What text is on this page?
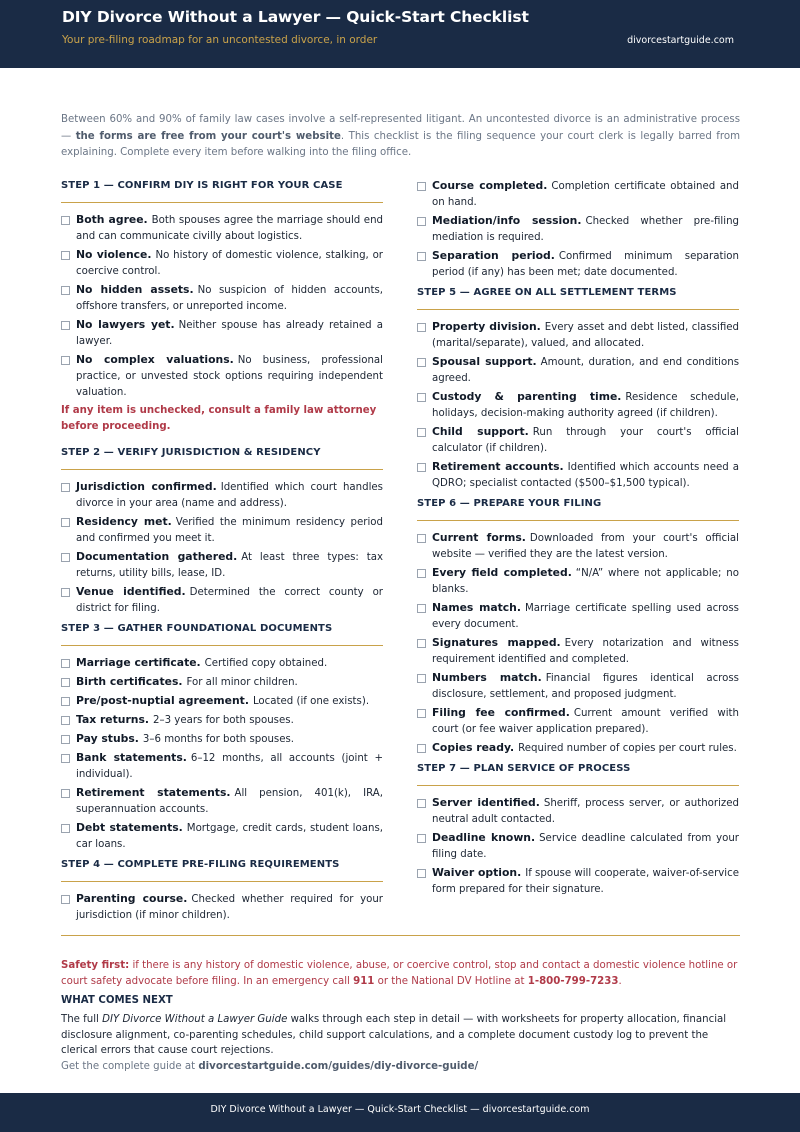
DIY Divorce Without a Lawyer — Quick-Start Checklist
Your pre-filing roadmap for an uncontested divorce, in order	divorcestartguide.com

Between 60% and 90% of family law cases involve a self-represented litigant. An uncontested divorce is an administrative process — the forms are free from your court's website. This checklist is the filing sequence your court clerk is legally barred from explaining. Complete every item before walking into the filing office.

STEP 1 — CONFIRM DIY IS RIGHT FOR YOUR CASE
Both agree. Both spouses agree the marriage should end and can communicate civilly about logistics.
No violence. No history of domestic violence, stalking, or coercive control.
No hidden assets. No suspicion of hidden accounts, offshore transfers, or unreported income.
No lawyers yet. Neither spouse has already retained a lawyer.
No complex valuations. No business, professional practice, or unvested stock options requiring independent valuation.
If any item is unchecked, consult a family law attorney before proceeding.
STEP 2 — VERIFY JURISDICTION & RESIDENCY
Jurisdiction confirmed. Identified which court handles divorce in your area (name and address).
Residency met. Verified the minimum residency period and confirmed you meet it.
Documentation gathered. At least three types: tax returns, utility bills, lease, ID.
Venue identified. Determined the correct county or district for filing.
STEP 3 — GATHER FOUNDATIONAL DOCUMENTS
Marriage certificate. Certified copy obtained.
Birth certificates. For all minor children.
Pre/post-nuptial agreement. Located (if one exists).
Tax returns. 2–3 years for both spouses.
Pay stubs. 3–6 months for both spouses.
Bank statements. 6–12 months, all accounts (joint + individual).
Retirement statements. All pension, 401(k), IRA, superannuation accounts.
Debt statements. Mortgage, credit cards, student loans, car loans.
STEP 4 — COMPLETE PRE-FILING REQUIREMENTS
Parenting course. Checked whether required for your jurisdiction (if minor children).
Course completed. Completion certificate obtained and on hand.
Mediation/info session. Checked whether pre-filing mediation is required.
Separation period. Confirmed minimum separation period (if any) has been met; date documented.
STEP 5 — AGREE ON ALL SETTLEMENT TERMS
Property division. Every asset and debt listed, classified (marital/separate), valued, and allocated.
Spousal support. Amount, duration, and end conditions agreed.
Custody & parenting time. Residence schedule, holidays, decision-making authority agreed (if children).
Child support. Run through your court's official calculator (if children).
Retirement accounts. Identified which accounts need a QDRO; specialist contacted ($500–$1,500 typical).
STEP 6 — PREPARE YOUR FILING
Current forms. Downloaded from your court's official website — verified they are the latest version.
Every field completed. “N/A” where not applicable; no blanks.
Names match. Marriage certificate spelling used across every document.
Signatures mapped. Every notarization and witness requirement identified and completed.
Numbers match. Financial figures identical across disclosure, settlement, and proposed judgment.
Filing fee confirmed. Current amount verified with court (or fee waiver application prepared).
Copies ready. Required number of copies per court rules.
STEP 7 — PLAN SERVICE OF PROCESS
Server identified. Sheriff, process server, or authorized neutral adult contacted.
Deadline known. Service deadline calculated from your filing date.
Waiver option. If spouse will cooperate, waiver-of-service form prepared for their signature.

Safety first: if there is any history of domestic violence, abuse, or coercive control, stop and contact a domestic violence hotline or court safety advocate before filing. In an emergency call 911 or the National DV Hotline at 1-800-799-7233.

WHAT COMES NEXT

The full DIY Divorce Without a Lawyer Guide walks through each step in detail — with worksheets for property allocation, financial disclosure alignment, co-parenting schedules, child support calculations, and a complete document custody log to prevent the clerical errors that cause court rejections.

Get the complete guide at divorcestartguide.com/guides/diy-divorce-guide/

DIY Divorce Without a Lawyer — Quick-Start Checklist — divorcestartguide.com
